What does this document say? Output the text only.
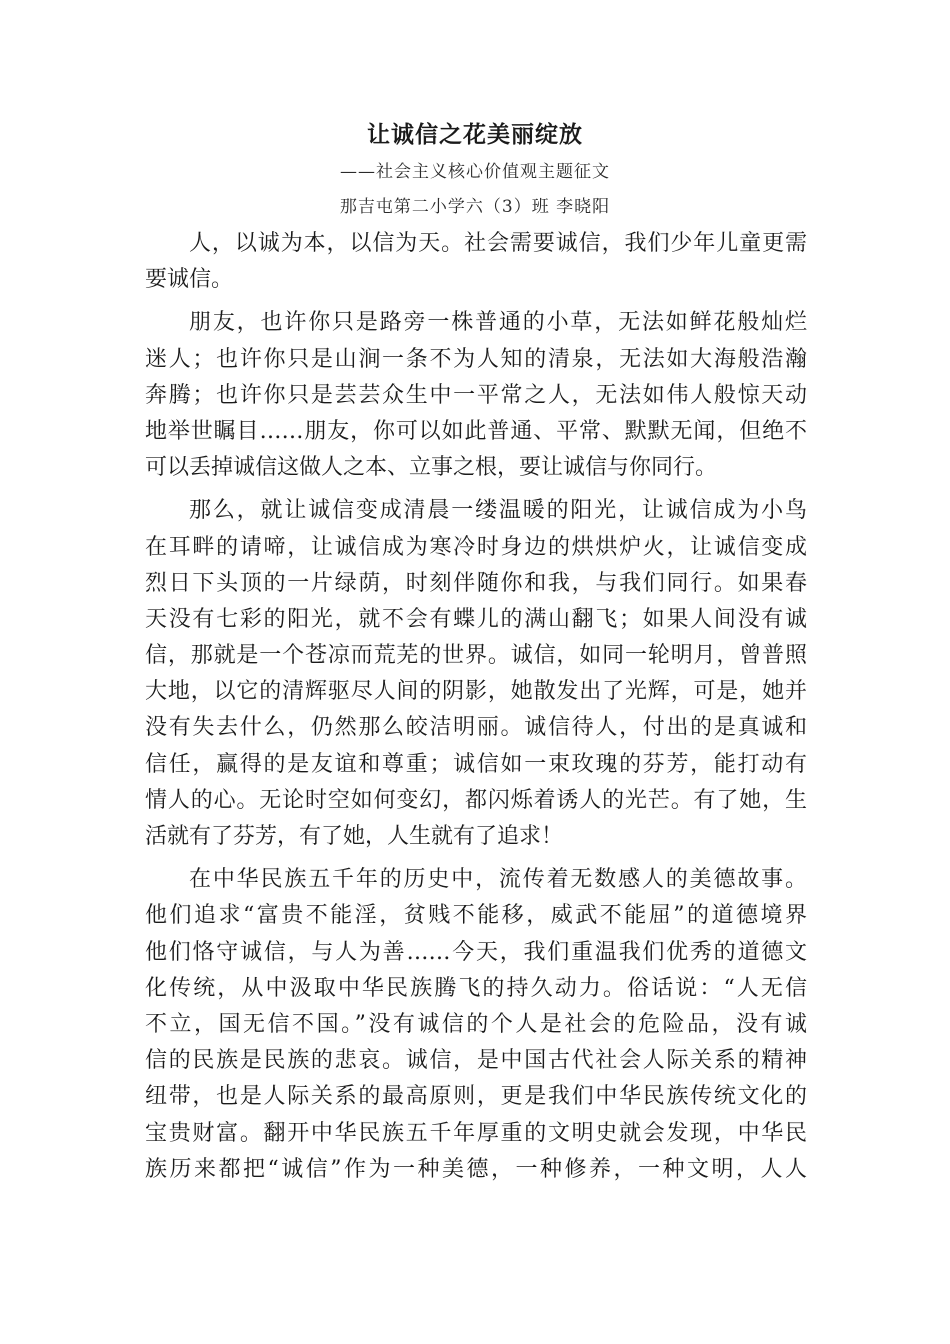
让诚信之花美丽绽放
——社会主义核心价值观主题征文
那吉屯第二小学六（3）班 李晓阳
人，以诚为本，以信为天。社会需要诚信，我们少年儿童更需
要诚信。
朋友，也许你只是路旁一株普通的小草，无法如鲜花般灿烂
迷人；也许你只是山涧一条不为人知的清泉，无法如大海般浩瀚
奔腾；也许你只是芸芸众生中一平常之人，无法如伟人般惊天动
地举世瞩目……朋友，你可以如此普通、平常、默默无闻，但绝不
可以丢掉诚信这做人之本、立事之根，要让诚信与你同行。
那么，就让诚信变成清晨一缕温暖的阳光，让诚信成为小鸟
在耳畔的请啼，让诚信成为寒冷时身边的烘烘炉火，让诚信变成
烈日下头顶的一片绿荫，时刻伴随你和我，与我们同行。如果春
天没有七彩的阳光，就不会有蝶儿的满山翻飞；如果人间没有诚
信，那就是一个苍凉而荒芜的世界。诚信，如同一轮明月，曾普照
大地，以它的清辉驱尽人间的阴影，她散发出了光辉，可是，她并
没有失去什么，仍然那么皎洁明丽。诚信待人，付出的是真诚和
信任，赢得的是友谊和尊重；诚信如一束玫瑰的芬芳，能打动有
情人的心。无论时空如何变幻，都闪烁着诱人的光芒。有了她，生
活就有了芬芳，有了她，人生就有了追求！
在中华民族五千年的历史中，流传着无数感人的美德故事。
他们追求“富贵不能淫，贫贱不能移，威武不能屈”的道德境界
他们恪守诚信，与人为善……今天，我们重温我们优秀的道德文
化传统，从中汲取中华民族腾飞的持久动力。俗话说：“人无信
不立，国无信不国。”没有诚信的个人是社会的危险品，没有诚
信的民族是民族的悲哀。诚信，是中国古代社会人际关系的精神
纽带，也是人际关系的最高原则，更是我们中华民族传统文化的
宝贵财富。翻开中华民族五千年厚重的文明史就会发现，中华民
族历来都把“诚信”作为一种美德，一种修养，一种文明，人人
